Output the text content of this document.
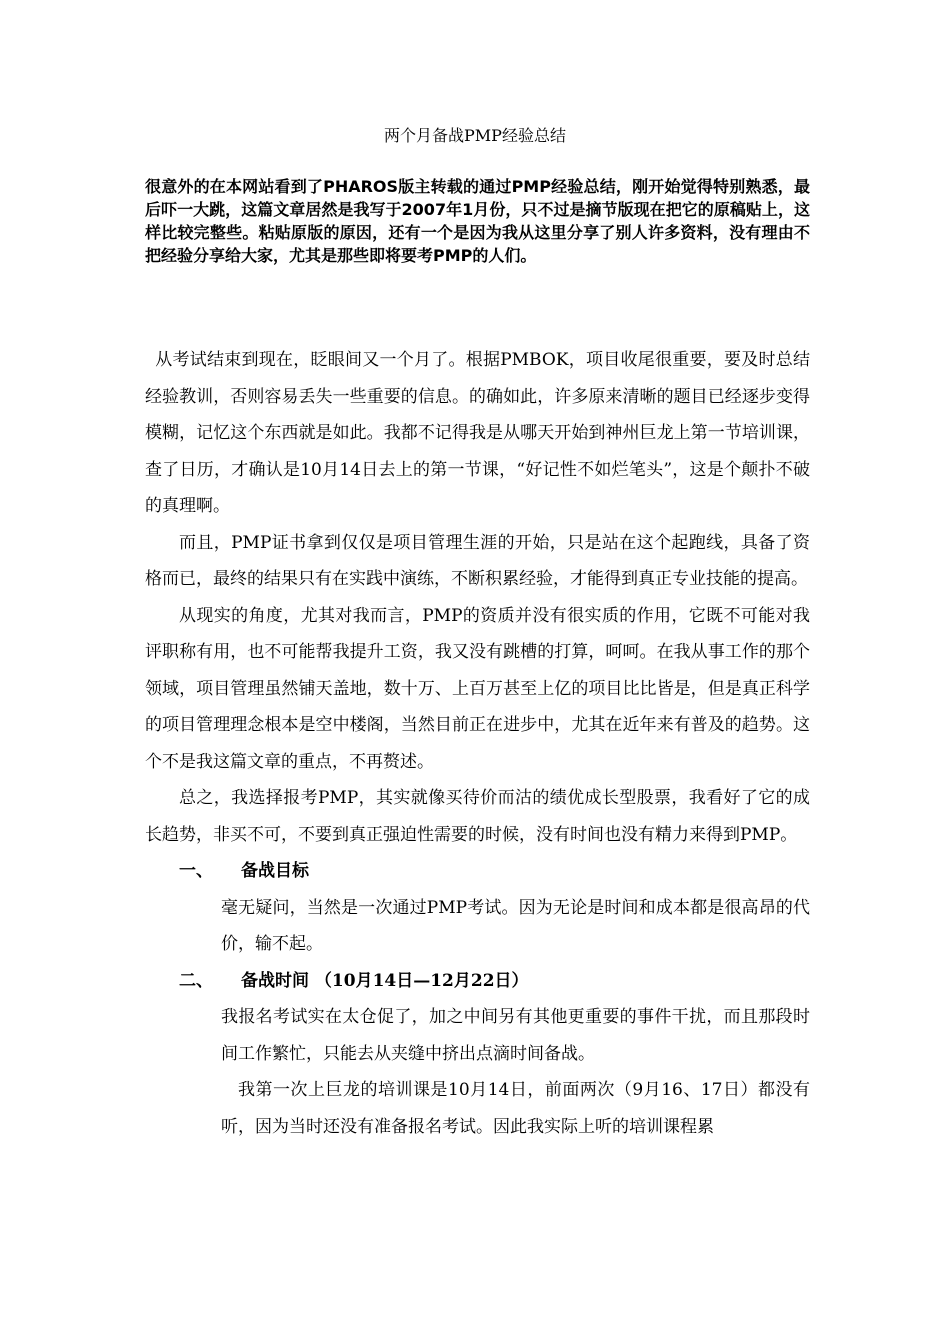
两个月备战PMP经验总结
很意外的在本网站看到了PHAROS版主转载的通过PMP经验总结，刚开始觉得特别熟悉，最后吓一大跳，这篇文章居然是我写于2007年1月份，只不过是摘节版现在把它的原稿贴上，这样比较完整些。粘贴原版的原因，还有一个是因为我从这里分享了别人许多资料，没有理由不把经验分享给大家，尤其是那些即将要考PMP的人们。

从考试结束到现在，眨眼间又一个月了。根据PMBOK，项目收尾很重要，要及时总结经验教训，否则容易丢失一些重要的信息。的确如此，许多原来清晰的题目已经逐步变得模糊，记忆这个东西就是如此。我都不记得我是从哪天开始到神州巨龙上第一节培训课，查了日历，才确认是10月14日去上的第一节课，“好记性不如烂笔头”，这是个颠扑不破的真理啊。

而且，PMP证书拿到仅仅是项目管理生涯的开始，只是站在这个起跑线，具备了资格而已，最终的结果只有在实践中演练，不断积累经验，才能得到真正专业技能的提高。

从现实的角度，尤其对我而言，PMP的资质并没有很实质的作用，它既不可能对我评职称有用，也不可能帮我提升工资，我又没有跳槽的打算，呵呵。在我从事工作的那个领域，项目管理虽然铺天盖地，数十万、上百万甚至上亿的项目比比皆是，但是真正科学的项目管理理念根本是空中楼阁，当然目前正在进步中，尤其在近年来有普及的趋势。这个不是我这篇文章的重点，不再赘述。

总之，我选择报考PMP，其实就像买待价而沽的绩优成长型股票，我看好了它的成长趋势，非买不可，不要到真正强迫性需要的时候，没有时间也没有精力来得到PMP。

一、	备战目标

毫无疑问，当然是一次通过PMP考试。因为无论是时间和成本都是很高昂的代价，输不起。

二、	备战时间 （10月14日—12月22日）

我报名考试实在太仓促了，加之中间另有其他更重要的事件干扰，而且那段时间工作繁忙，只能去从夹缝中挤出点滴时间备战。

我第一次上巨龙的培训课是10月14日，前面两次（9月16、17日）都没有听，因为当时还没有准备报名考试。因此我实际上听的培训课程累
